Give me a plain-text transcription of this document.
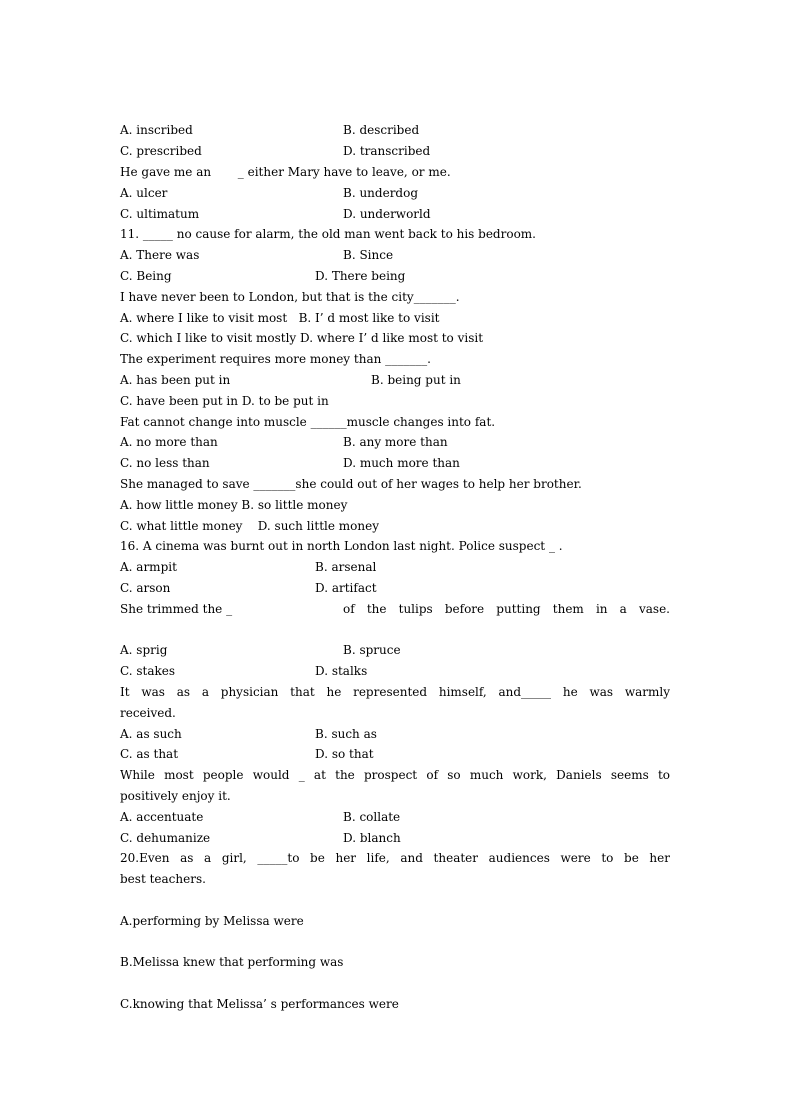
A. inscribed	B. described
C. prescribed	D. transcribed
He gave me an       _ either Mary have to leave, or me.
A. ulcer	B. underdog
C. ultimatum	D. underworld
11. _____ no cause for alarm, the old man went back to his bedroom.
A. There was	B. Since
C. Being	D. There being
I have never been to London, but that is the city_______.
A. where I like to visit most   B. I’ d most like to visit
C. which I like to visit mostly D. where I’ d like most to visit
The experiment requires more money than _______.
A. has been put in	B. being put in
C. have been put in D. to be put in
Fat cannot change into muscle ______muscle changes into fat.
A. no more than	B. any more than
C. no less than	D. much more than
She managed to save _______she could out of her wages to help her brother.
A. how little money B. so little money
C. what little money    D. such little money
16. A cinema was burnt out in north London last night. Police suspect _ .
A. armpit	B. arsenal
C. arson	D. artifact
She trimmed the _	of the tulips before putting them in a vase.
A. sprig	B. spruce
C. stakes	D. stalks
It was as a physician that he represented himself, and_____ he was warmly
received.
A. as such	B. such as
C. as that	D. so that
While most people would _ at the prospect of so much work, Daniels seems to
positively enjoy it.
A. accentuate	B. collate
C. dehumanize	D. blanch
20.Even as a girl, _____to be her life, and theater audiences were to be her
best teachers.
A.performing by Melissa were
B.Melissa knew that performing was
C.knowing that Melissa’ s performances were
